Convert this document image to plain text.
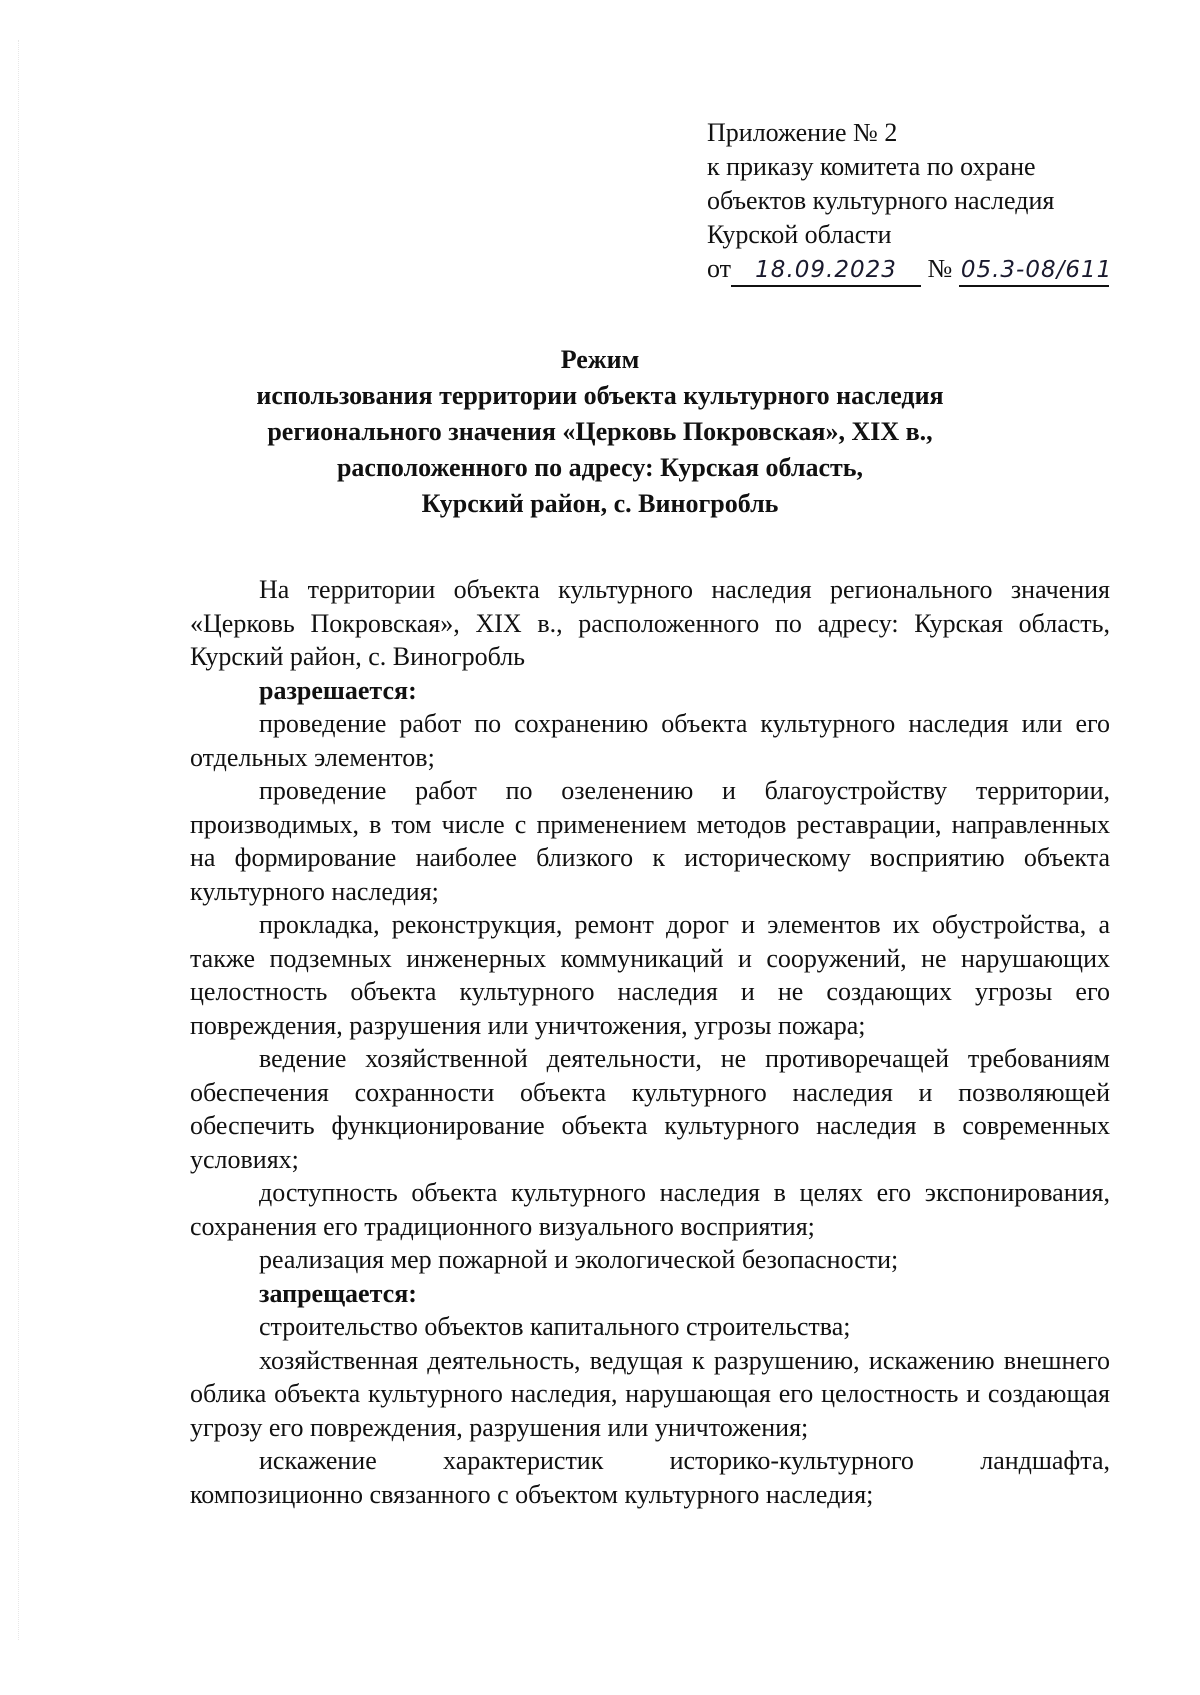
Приложение № 2
к приказу комитета по охране
объектов культурного наследия
Курской области
от 18.09.2023 № 05.3-08/611
Режим
использования территории объекта культурного наследия
регионального значения «Церковь Покровская», XIX в.,
расположенного по адресу: Курская область,
Курский район, с. Виногробль

На территории объекта культурного наследия регионального значения «Церковь Покровская», XIX в., расположенного по адресу: Курская область, Курский район, с. Виногробль

разрешается:

проведение работ по сохранению объекта культурного наследия или его отдельных элементов;

проведение работ по озеленению и благоустройству территории, производимых, в том числе с применением методов реставрации, направленных на формирование наиболее близкого к историческому восприятию объекта культурного наследия;

прокладка, реконструкция, ремонт дорог и элементов их обустройства, а также подземных инженерных коммуникаций и сооружений, не нарушающих целостность объекта культурного наследия и не создающих угрозы его повреждения, разрушения или уничтожения, угрозы пожара;

ведение хозяйственной деятельности, не противоречащей требованиям обеспечения сохранности объекта культурного наследия и позволяющей обеспечить функционирование объекта культурного наследия в современных условиях;

доступность объекта культурного наследия в целях его экспонирования, сохранения его традиционного визуального восприятия;

реализация мер пожарной и экологической безопасности;

запрещается:

строительство объектов капитального строительства;

хозяйственная деятельность, ведущая к разрушению, искажению внешнего облика объекта культурного наследия, нарушающая его целостность и создающая угрозу его повреждения, разрушения или уничтожения;

искажение характеристик историко-культурного ландшафта, композиционно связанного с объектом культурного наследия;
